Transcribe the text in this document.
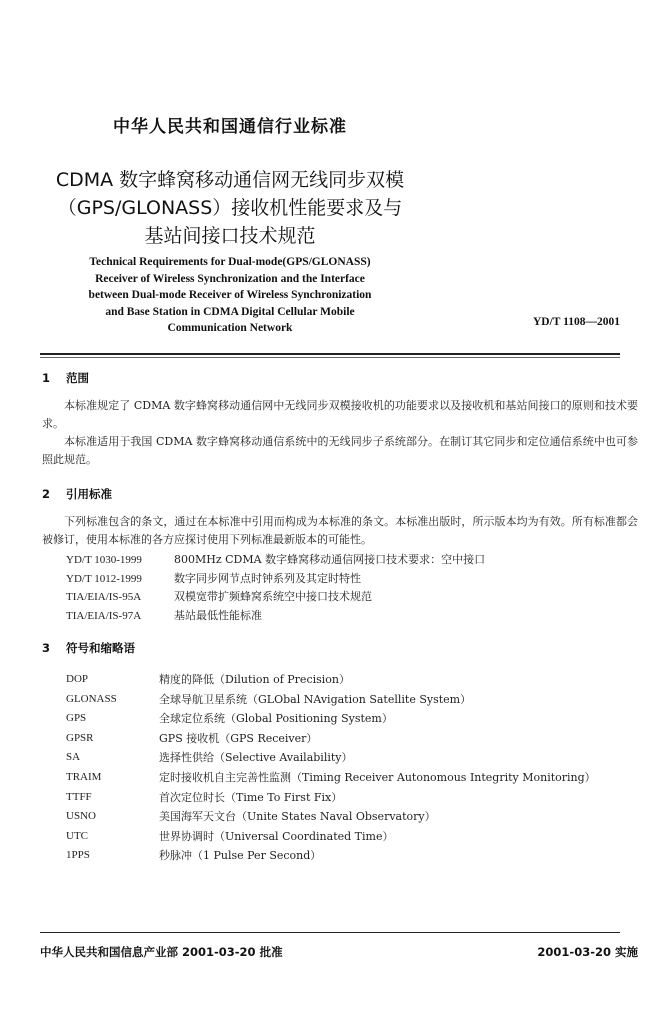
中华人民共和国通信行业标准
CDMA 数字蜂窝移动通信网无线同步双模
（GPS/GLONASS）接收机性能要求及与
基站间接口技术规范
Technical Requirements for Dual-mode(GPS/GLONASS)
Receiver of Wireless Synchronization and the Interface
between Dual-mode Receiver of Wireless Synchronization
and Base Station in CDMA Digital Cellular Mobile
Communication Network	YD/T 1108—2001
1 范围
本标准规定了 CDMA 数字蜂窝移动通信网中无线同步双模接收机的功能要求以及接收机和基站间接口的原则和技术要求。
本标准适用于我国 CDMA 数字蜂窝移动通信系统中的无线同步子系统部分。在制订其它同步和定位通信系统中也可参照此规范。
2 引用标准
下列标准包含的条文，通过在本标准中引用而构成为本标准的条文。本标准出版时，所示版本均为有效。所有标准都会被修订，使用本标准的各方应探讨使用下列标准最新版本的可能性。
YD/T 1030-1999	800MHz CDMA 数字蜂窝移动通信网接口技术要求：空中接口
YD/T 1012-1999	数字同步网节点时钟系列及其定时特性
TIA/EIA/IS-95A	双模宽带扩频蜂窝系统空中接口技术规范
TIA/EIA/IS-97A	基站最低性能标准
3 符号和缩略语
DOP	精度的降低（Dilution of Precision）
GLONASS	全球导航卫星系统（GLObal NAvigation Satellite System）
GPS	全球定位系统（Global Positioning System）
GPSR	GPS 接收机（GPS Receiver）
SA	选择性供给（Selective Availability）
TRAIM	定时接收机自主完善性监测（Timing Receiver Autonomous Integrity Monitoring）
TTFF	首次定位时长（Time To First Fix）
USNO	美国海军天文台（Unite States Naval Observatory）
UTC	世界协调时（Universal Coordinated Time）
1PPS	秒脉冲（1 Pulse Per Second）
中华人民共和国信息产业部 2001-03-20 批准	2001-03-20 实施
